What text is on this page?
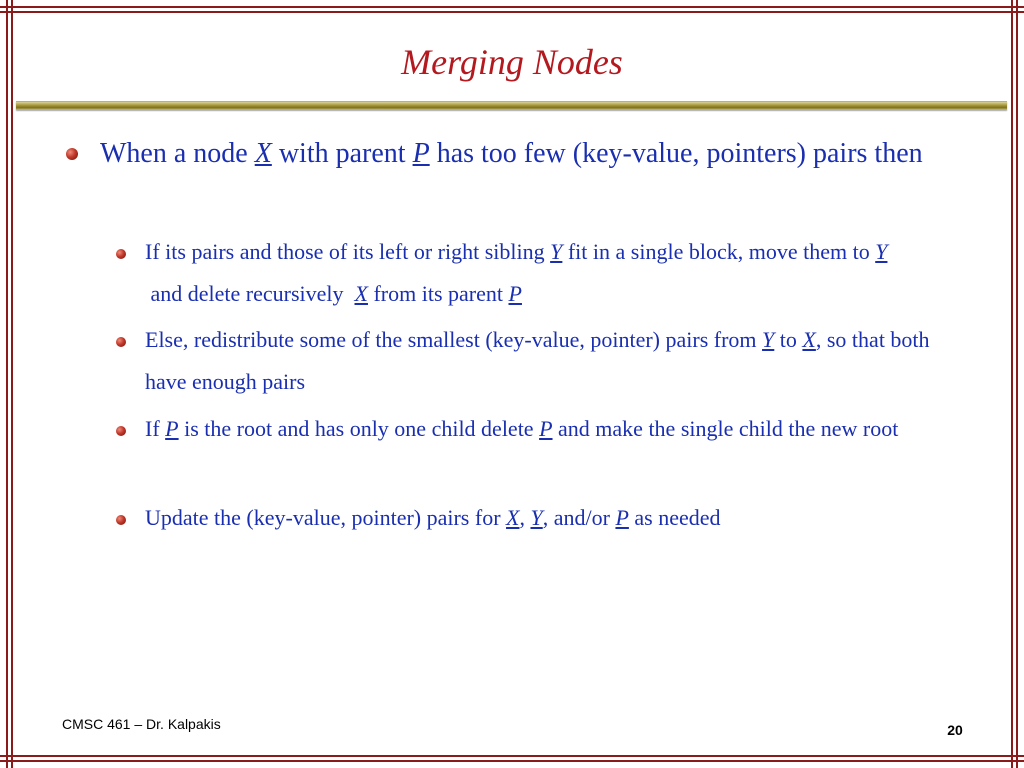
Merging Nodes
When a node X with parent P has too few (key-value, pointers) pairs then
If its pairs and those of its left or right sibling Y fit in a single block, move them to Y and delete recursively  X from its parent P
Else, redistribute some of the smallest (key-value, pointer) pairs from Y to X, so that both have enough pairs
If P is the root and has only one child delete P and make the single child the new root
Update the (key-value, pointer) pairs for X, Y, and/or P as needed
CMSC 461 – Dr. Kalpakis	20
